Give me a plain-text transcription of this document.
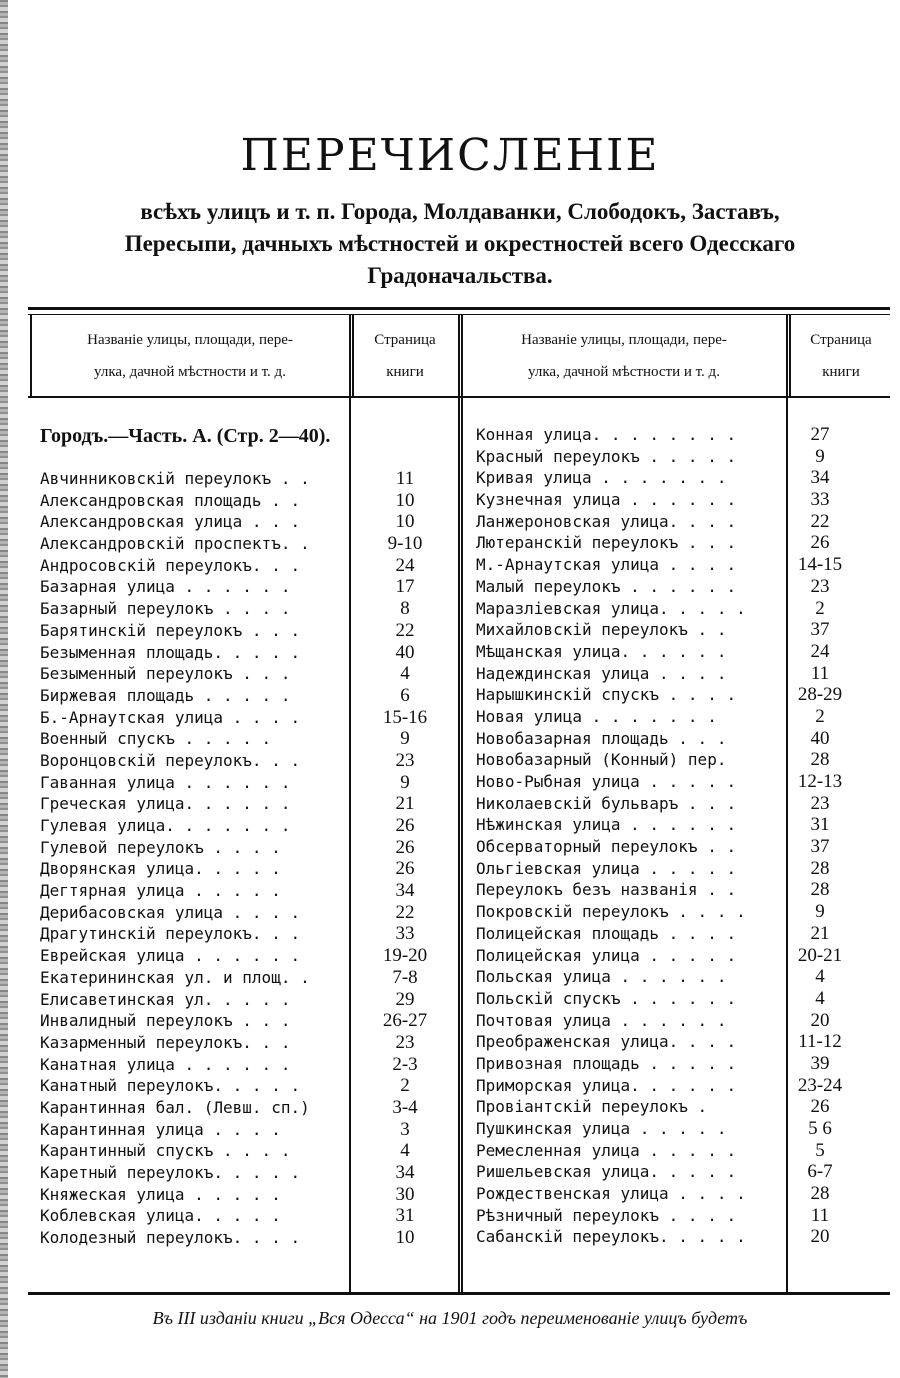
ПЕРЕЧИСЛЕНІЕ
всѣхъ улицъ и т. п. Города, Молдаванки, Слободокъ, Заставъ,
Пересыпи, дачныхъ мѣстностей и окрестностей всего Одесскаго
Градоначальства.
Названіе улицы, площади, пере-
улка, дачной мѣстности и т. д.
Страница
книги
Названіе улицы, площади, пере-
улка, дачной мѣстности и т. д.
Страница
книги
Городъ.—Часть. А. (Стр. 2—40).
Авчинниковскій переулокъ . .
Александровская площадь . .
Александровская улица . . .
Александровскій проспектъ. .
Андросовскій переулокъ. . .
Базарная улица . . . . . .
Базарный переулокъ . . . .
Барятинскій переулокъ . . .
Безыменная площадь. . . . .
Безыменный переулокъ . . .
Биржевая площадь . . . . .
Б.-Арнаутская улица . . . .
Военный спускъ . . . . .
Воронцовскій переулокъ. . .
Гаванная улица . . . . . .
Греческая улица. . . . . .
Гулевая улица. . . . . . .
Гулевой переулокъ . . . .
Дворянская улица. . . . .
Дегтярная улица . . . . .
Дерибасовская улица . . . .
Драгутинскій переулокъ. . .
Еврейская улица . . . . . .
Екатерининская ул. и площ. .
Елисаветинская ул. . . . .
Инвалидный переулокъ . . .
Казарменный переулокъ. . .
Канатная улица . . . . . .
Канатный переулокъ. . . . .
Карантинная бал. (Левш. сп.)
Карантинная улица . . . .
Карантинный спускъ . . . .
Каретный переулокъ. . . . .
Княжеская улица . . . . .
Коблевская улица. . . . .
Колодезный переулокъ. . . .
11
10
10
9-10
24
17
8
22
40
4
6
15-16
9
23
9
21
26
26
26
34
22
33
19-20
7-8
29
26-27
23
2-3
2
3-4
3
4
34
30
31
10
Конная улица. . . . . . . .
Красный переулокъ . . . . .
Кривая улица . . . . . . .
Кузнечная улица . . . . . .
Ланжероновская улица. . . .
Лютеранскій переулокъ . . .
М.-Арнаутская улица . . . .
Малый переулокъ . . . . . .
Маразліевская улица. . . . .
Михайловскій переулокъ . .
Мѣщанская улица. . . . . .
Надеждинская улица . . . .
Нарышкинскій спускъ . . . .
Новая улица . . . . . . .
Новобазарная площадь . . .
Новобазарный (Конный) пер.
Ново-Рыбная улица . . . . .
Николаевскій бульваръ . . .
Нѣжинская улица . . . . . .
Обсерваторный переулокъ . .
Ольгіевская улица . . . . .
Переулокъ безъ названія . .
Покровскій переулокъ . . . .
Полицейская площадь . . . .
Полицейская улица . . . . .
Польская улица . . . . . .
Польскій спускъ . . . . . .
Почтовая улица . . . . . .
Преображенская улица. . . .
Привозная площадь . . . . .
Приморская улица. . . . . .
Провіантскій переулокъ .
Пушкинская улица . . . . .
Ремесленная улица . . . . .
Ришельевская улица. . . . .
Рождественская улица . . . .
Рѣзничный переулокъ . . . .
Сабанскій переулокъ. . . . .
27
9
34
33
22
26
14-15
23
2
37
24
11
28-29
2
40
28
12-13
23
31
37
28
28
9
21
20-21
4
4
20
11-12
39
23-24
26
5 6
5
6-7
28
11
20
Въ III изданіи книги „Вся Одесса“ на 1901 годъ переименованіе улицъ будетъ
